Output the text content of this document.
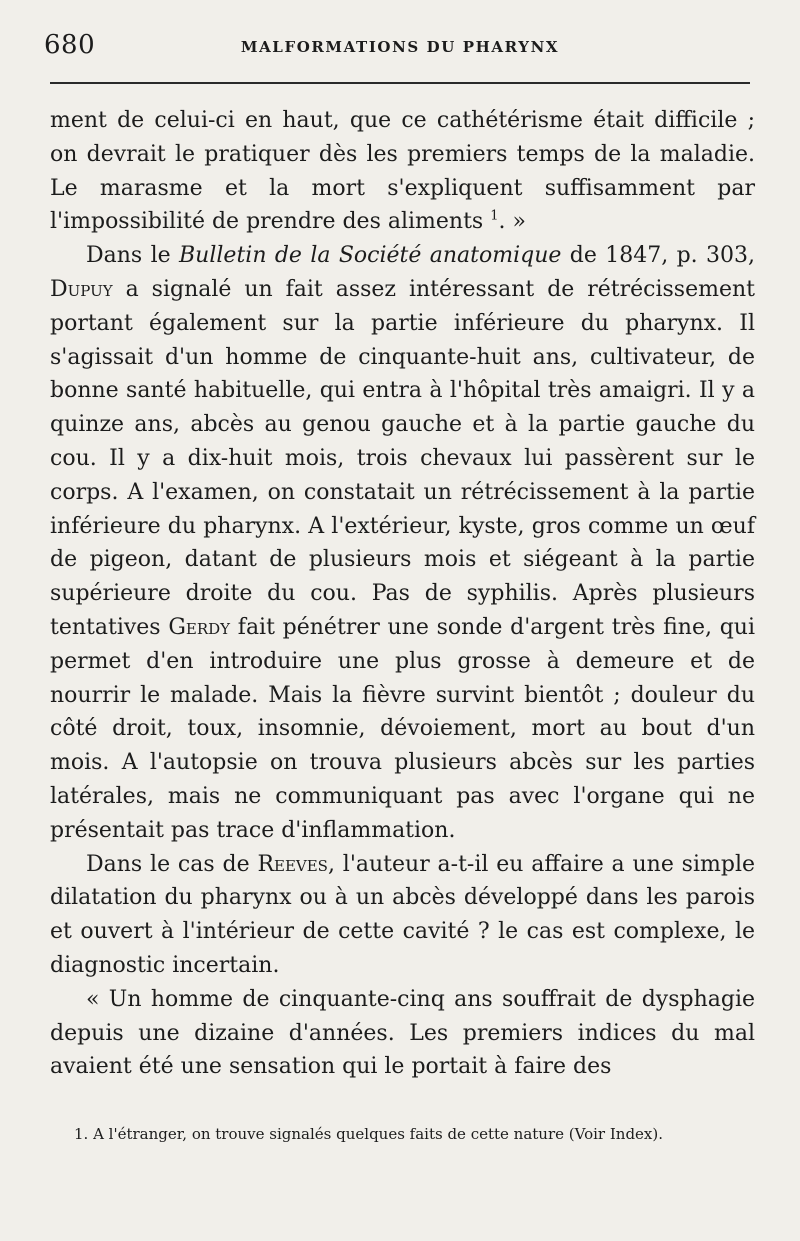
680	MALFORMATIONS DU PHARYNX

ment de celui-ci en haut, que ce cathétérisme était difficile ; on devrait le pratiquer dès les premiers temps de la maladie. Le marasme et la mort s'expliquent suffisamment par l'impossibilité de prendre des aliments $^1$. »

Dans le Bulletin de la Société anatomique de 1847, p. 303, Dupuy a signalé un fait assez intéressant de rétrécissement portant également sur la partie inférieure du pharynx. Il s'agissait d'un homme de cinquante-huit ans, cultivateur, de bonne santé habituelle, qui entra à l'hôpital très amaigri. Il y a quinze ans, abcès au genou gauche et à la partie gauche du cou. Il y a dix-huit mois, trois chevaux lui passèrent sur le corps. A l'examen, on constatait un rétrécissement à la partie inférieure du pharynx. A l'extérieur, kyste, gros comme un œuf de pigeon, datant de plusieurs mois et siégeant à la partie supérieure droite du cou. Pas de syphilis. Après plusieurs tentatives Gerdy fait pénétrer une sonde d'argent très fine, qui permet d'en introduire une plus grosse à demeure et de nourrir le malade. Mais la fièvre survint bientôt ; douleur du côté droit, toux, insomnie, dévoiement, mort au bout d'un mois. A l'autopsie on trouva plusieurs abcès sur les parties latérales, mais ne communiquant pas avec l'organe qui ne présentait pas trace d'inflammation.

Dans le cas de Reeves, l'auteur a-t-il eu affaire a une simple dilatation du pharynx ou à un abcès développé dans les parois et ouvert à l'intérieur de cette cavité ? le cas est complexe, le diagnostic incertain.

« Un homme de cinquante-cinq ans souffrait de dysphagie depuis une dizaine d'années. Les premiers indices du mal avaient été une sensation qui le portait à faire des

1. A l'étranger, on trouve signalés quelques faits de cette nature (Voir Index).
